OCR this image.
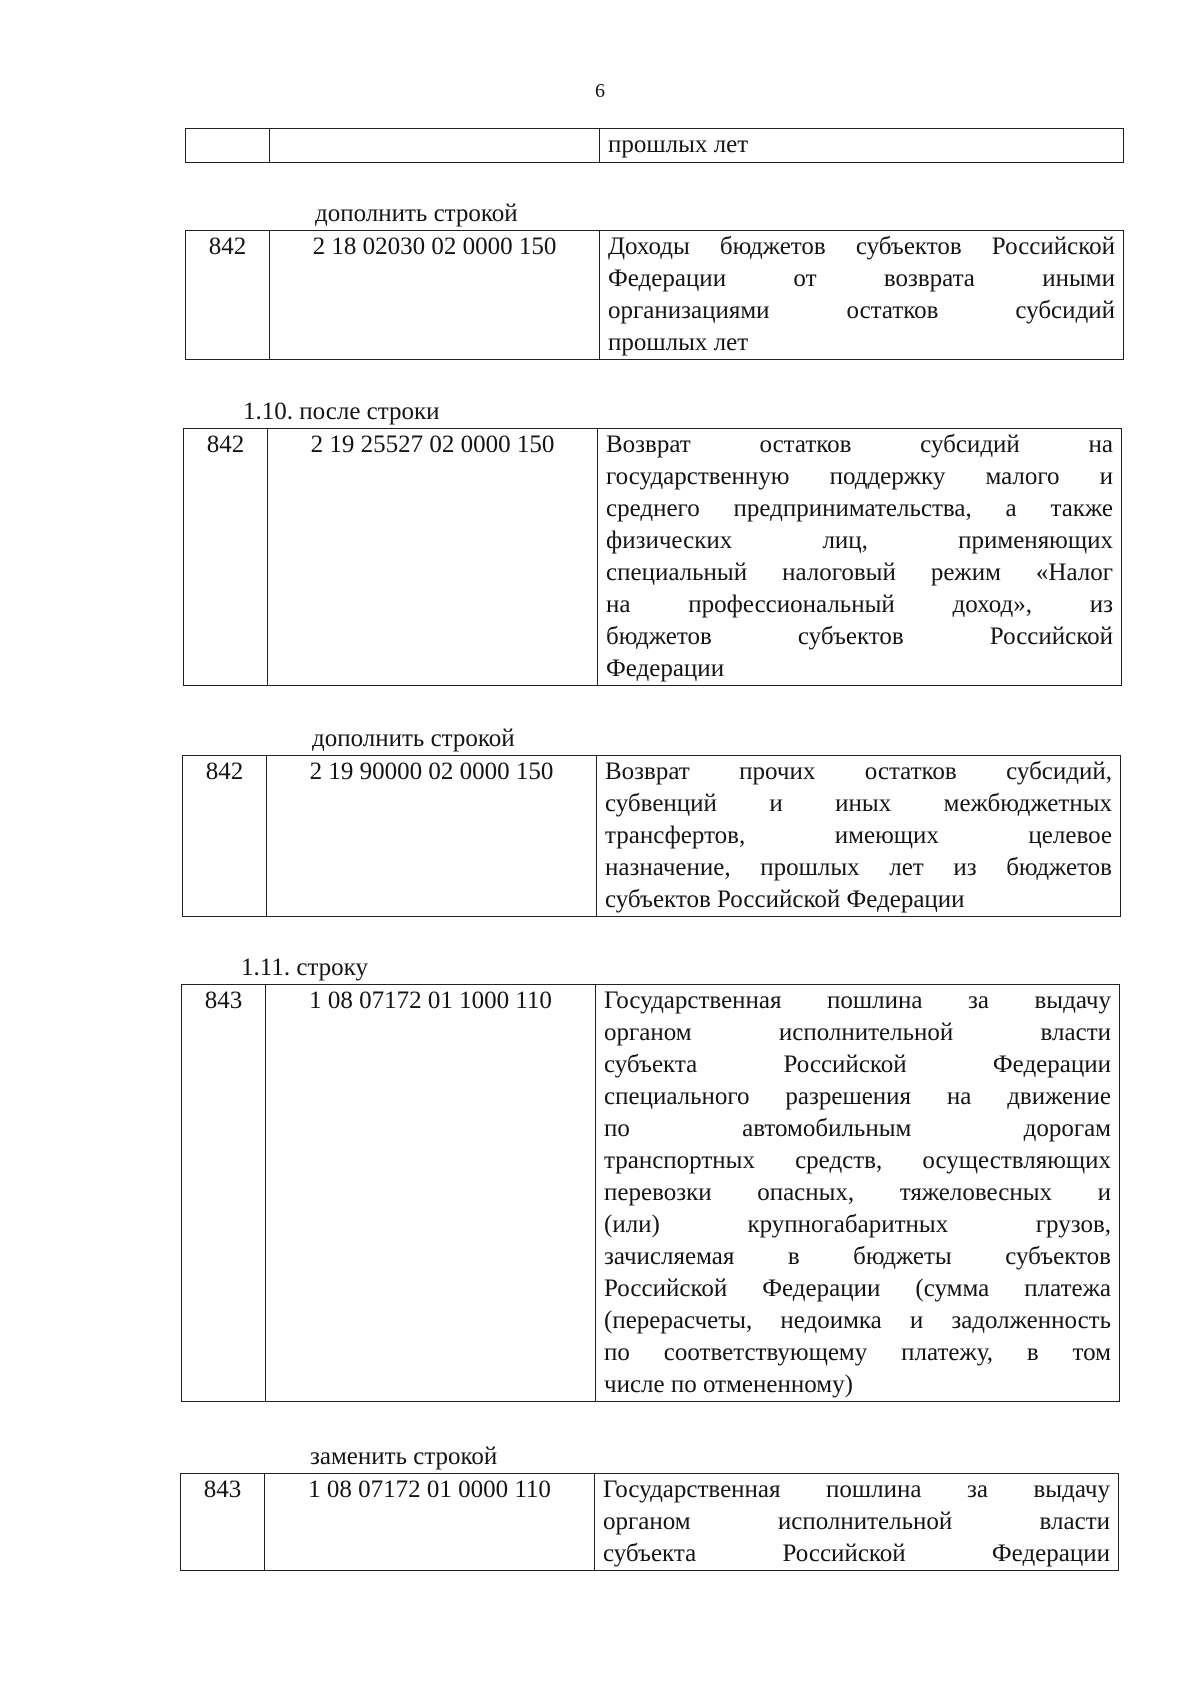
6

прошлых лет
дополнить строкой
842	2 18 02030 02 0000 150	Доходы бюджетов субъектов Российской
Федерации от возврата иными
организациями остатков субсидий
прошлых лет
1.10. после строки
842	2 19 25527 02 0000 150	Возврат остатков субсидий на
государственную поддержку малого и
среднего предпринимательства, а также
физических лиц, применяющих
специальный налоговый режим «Налог
на профессиональный доход», из
бюджетов субъектов Российской
Федерации
дополнить строкой
842	2 19 90000 02 0000 150	Возврат прочих остатков субсидий,
субвенций и иных межбюджетных
трансфертов, имеющих целевое
назначение, прошлых лет из бюджетов
субъектов Российской Федерации
1.11. строку
843	1 08 07172 01 1000 110	Государственная пошлина за выдачу
органом исполнительной власти
субъекта Российской Федерации
специального разрешения на движение
по автомобильным дорогам
транспортных средств, осуществляющих
перевозки опасных, тяжеловесных и
(или) крупногабаритных грузов,
зачисляемая в бюджеты субъектов
Российской Федерации (сумма платежа
(перерасчеты, недоимка и задолженность
по соответствующему платежу, в том
числе по отмененному)
заменить строкой
843	1 08 07172 01 0000 110	Государственная пошлина за выдачу
органом исполнительной власти
субъекта Российской Федерации
